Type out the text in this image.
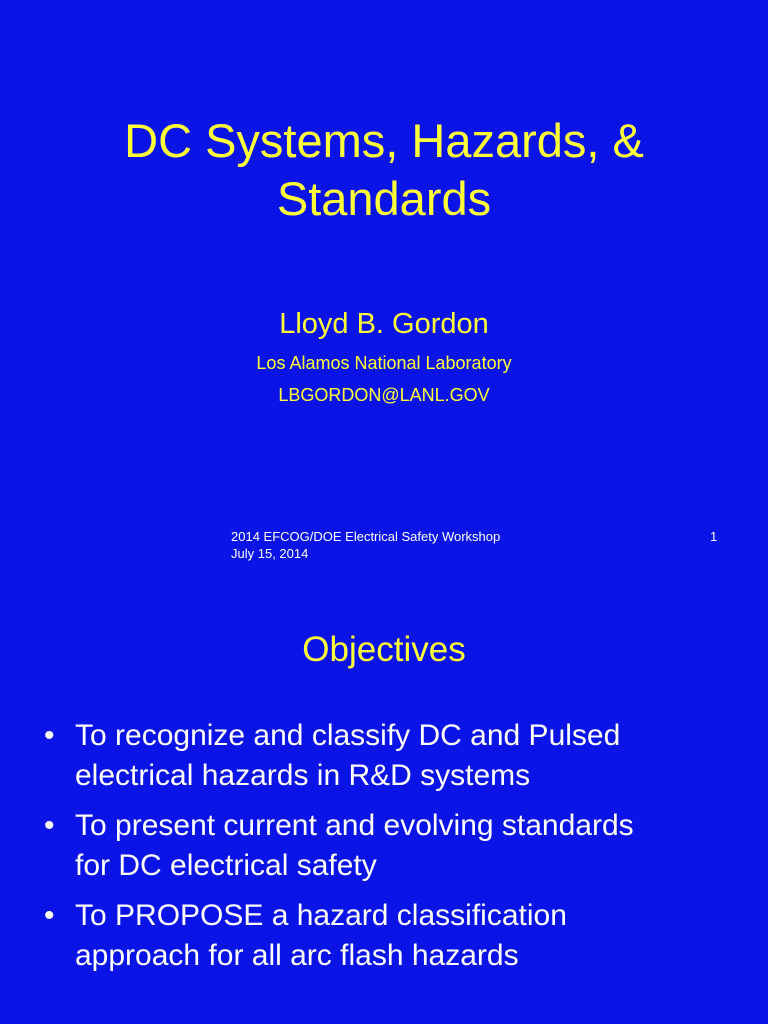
DC Systems, Hazards, &
Standards
Lloyd B. Gordon
Los Alamos National Laboratory
LBGORDON@LANL.GOV
2014 EFCOG/DOE Electrical Safety Workshop
July 15, 2014
1
Objectives
• To recognize and classify DC and Pulsed
electrical hazards in R&D systems
• To present current and evolving standards
for DC electrical safety
• To PROPOSE a hazard classification
approach for all arc flash hazards
